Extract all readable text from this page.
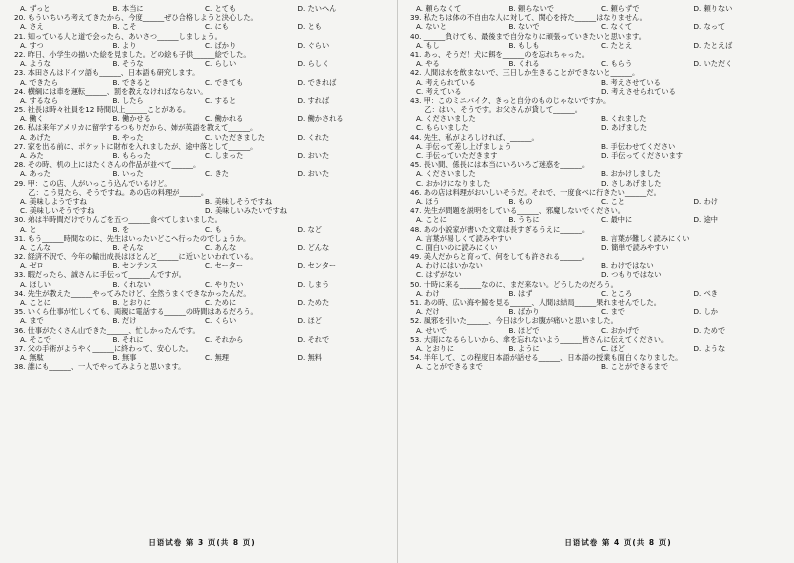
A. ずっと	B. 本当に	C. とても	D. たいへん
20. もういちいろ考えてきたから、今度______ぜひ合格しようと決心した。
A. さえ	B. こそ	C. にも	D. とも
21. 知っている人と道で会ったら、あいさつ______しましょう。
A. すつ	B. より	C. ばかり	D. ぐらい
22. 昨日、小学生の描いた絵を見ました。どの絵も子供______絵でした。
A. ような	B. そうな	C. らしい	D. らしく
23. 本田さんはドイツ語も______、日本語も研究します。
A. できたら	B. できると	C. できても	D. できれば
24. 横綱には車を運転______、罰を教えなければならない。
A. するなら	B. したら	C. すると	D. すれば
25. 社長は時々社員を12 時間以上______ことがある。
A. 働く	B. 働かせる	C. 働かれる	D. 働かされる
26. 私は来年アメリカに留学するつもりだから、姉が英語を教えて______。
A. あげた	B. やった	C. いただきました	D. くれた
27. 家を出る前に、ポケットに財布を入れましたが、途中落として______。
A. みた	B. もらった	C. しまった	D. おいた
28. その時、机の上にはたくさんの作品が並べて______。
A. あった	B. いった	C. きた	D. おいた
29. 甲：この店、人がいっこう込んでいるけど。
　　乙：こう見たら、そうですね。あの店の料理が______。
A. 美味しようですね	B. 美味しそうですね
C. 美味しいそうですね	D. 美味しいみたいですね
30. 弟は半時間だけでりんごを五つ______食べてしまいました。
A. と	B. を	C. も	D. など
31. もう______時間なのに、先生はいったいどこへ行ったのでしょうか。
A. こんな	B. そんな	C. あんな	D. どんな
32. 経済不況で、今年の輸出成長はほとんど______に近いといわれている。
A. ゼロ	B. センテンス	C. セーター	D. センター
33. 暇だったら、誠さんに手伝って______んですが。
A. ほしい	B. くれない	C. やりたい	D. しまう
34. 先生が教えた______やってみたけど、全然うまくできなかったんだ。
A. ことに	B. とおりに	C. ために	D. ためた
35. いくら仕事が忙しくても、両親に電話する______の時間はあるだろう。
A. まで	B. だけ	C. くらい	D. ほど
36. 仕事がたくさん山できた______、忙しかったんです。
A. そこで	B. それに	C. それから	D. それで
37. 父の手術がようやく______に終わって、安心した。
A. 無駄	B. 無事	C. 無理	D. 無料
38. 誰にも______、一人でやってみようと思います。
日语试卷 第 3 页(共 8 页)
A. 頼らなくて	B. 頼らないで	C. 頼らずで	D. 頼りない
39. 私たちは体の不自由な人に対して、関心を持た______はなりません。
A. ないと	B. ないで	C. なくて	D. なって
40. ______負けても、最後まで自分なりに頑張っていきたいと思います。
A. もし	B. もしも	C. たとえ	D. たとえば
41. あっ、そうだ！犬に餌を______のを忘れちゃった。
A. やる	B. くれる	C. もらう	D. いただく
42. 人間は水を飲まないで、三日しか生きることができないと______。
A. 考えられている	B. 考えさせている
C. 考えている	D. 考えさせられている
43. 甲：このミニバイク、きっと自分のものじゃないですか。
　　乙：はい、そうです。お父さんが貸して______。
A. くださいました	B. くれました
C. もらいました	D. あげました
44. 先生、私がよろしければ、______。
A. 手伝って差し上げましょう	B. 手伝わせてください
C. 手伝っていただきます	D. 手伝ってくださいます
45. 長い間、係長には本当にいろいろご迷惑を______。
A. くださいました	B. おかけしました
C. おかけになりました	D. さしあげました
46. あの店は料理がおいしいそうだ。それで、一度食べに行きたい______だ。
A. ほう	B. もの	C. こと	D. わけ
47. 先生が問題を説明をしている______、邪魔しないでください。
A. ことに	B. うちに	C. 最中に	D. 途中
48. あの小説家が書いた文章は長すぎるうえに______。
A. 言葉が易しくて読みやすい	B. 言葉が難しく読みにくい
C. 面白いのに読みにくい	D. 簡単で読みやすい
49. 美人だからと育って、何をしても許される______。
A. わけにはいかない	B. わけではない
C. はずがない	D. つもりではない
50. 十時に来る______なのに、まだ来ない。どうしたのだろう。
A. わけ	B. はず	C. ところ	D. べき
51. あの時、広い海や鯨を見る______、人間は結局______果れませんでした。
A. だけ	B. ばかり	C. まで	D. しか
52. 風邪を引いた______、今日は少しお腹が痛いと思いました。
A. せいで	B. ほどで	C. おかげで	D. ためで
53. 大雨になるらしいから、傘を忘れないよう______皆さんに伝えてください。
A. とおりに	B. ように	C. ほど	D. ような
54. 半年して、この程度日本語が話せる______、日本語の授業も面白くなりました。
A. ことができるまで	B. ことができるまで
日语试卷 第 4 页(共 8 页)
